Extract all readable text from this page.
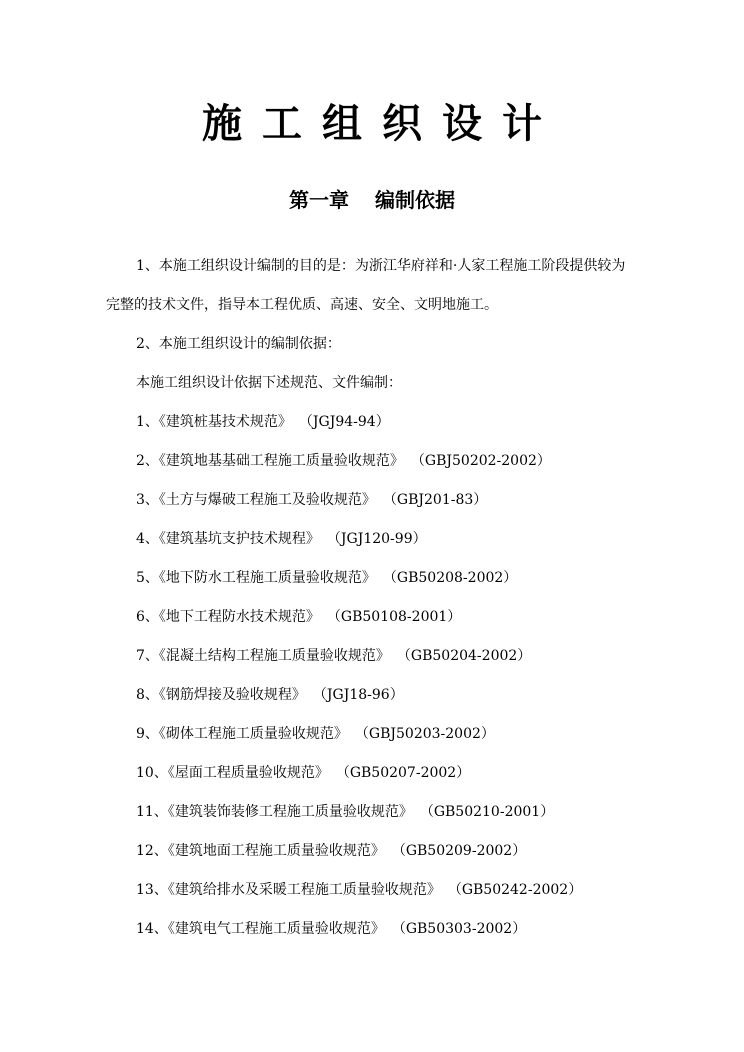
施工组织设计
第一章 编制依据
1、本施工组织设计编制的目的是：为浙江华府祥和·人家工程施工阶段提供较为
完整的技术文件，指导本工程优质、高速、安全、文明地施工。
2、本施工组织设计的编制依据：
本施工组织设计依据下述规范、文件编制：
1、《建筑桩基技术规范》 （JGJ94-94）
2、《建筑地基基础工程施工质量验收规范》 （GBJ50202-2002）
3、《土方与爆破工程施工及验收规范》 （GBJ201-83）
4、《建筑基坑支护技术规程》 （JGJ120-99）
5、《地下防水工程施工质量验收规范》 （GB50208-2002）
6、《地下工程防水技术规范》 （GB50108-2001）
7、《混凝土结构工程施工质量验收规范》 （GB50204-2002）
8、《钢筋焊接及验收规程》 （JGJ18-96）
9、《砌体工程施工质量验收规范》 （GBJ50203-2002）
10、《屋面工程质量验收规范》 （GB50207-2002）
11、《建筑装饰装修工程施工质量验收规范》 （GB50210-2001）
12、《建筑地面工程施工质量验收规范》 （GB50209-2002）
13、《建筑给排水及采暖工程施工质量验收规范》 （GB50242-2002）
14、《建筑电气工程施工质量验收规范》 （GB50303-2002）
